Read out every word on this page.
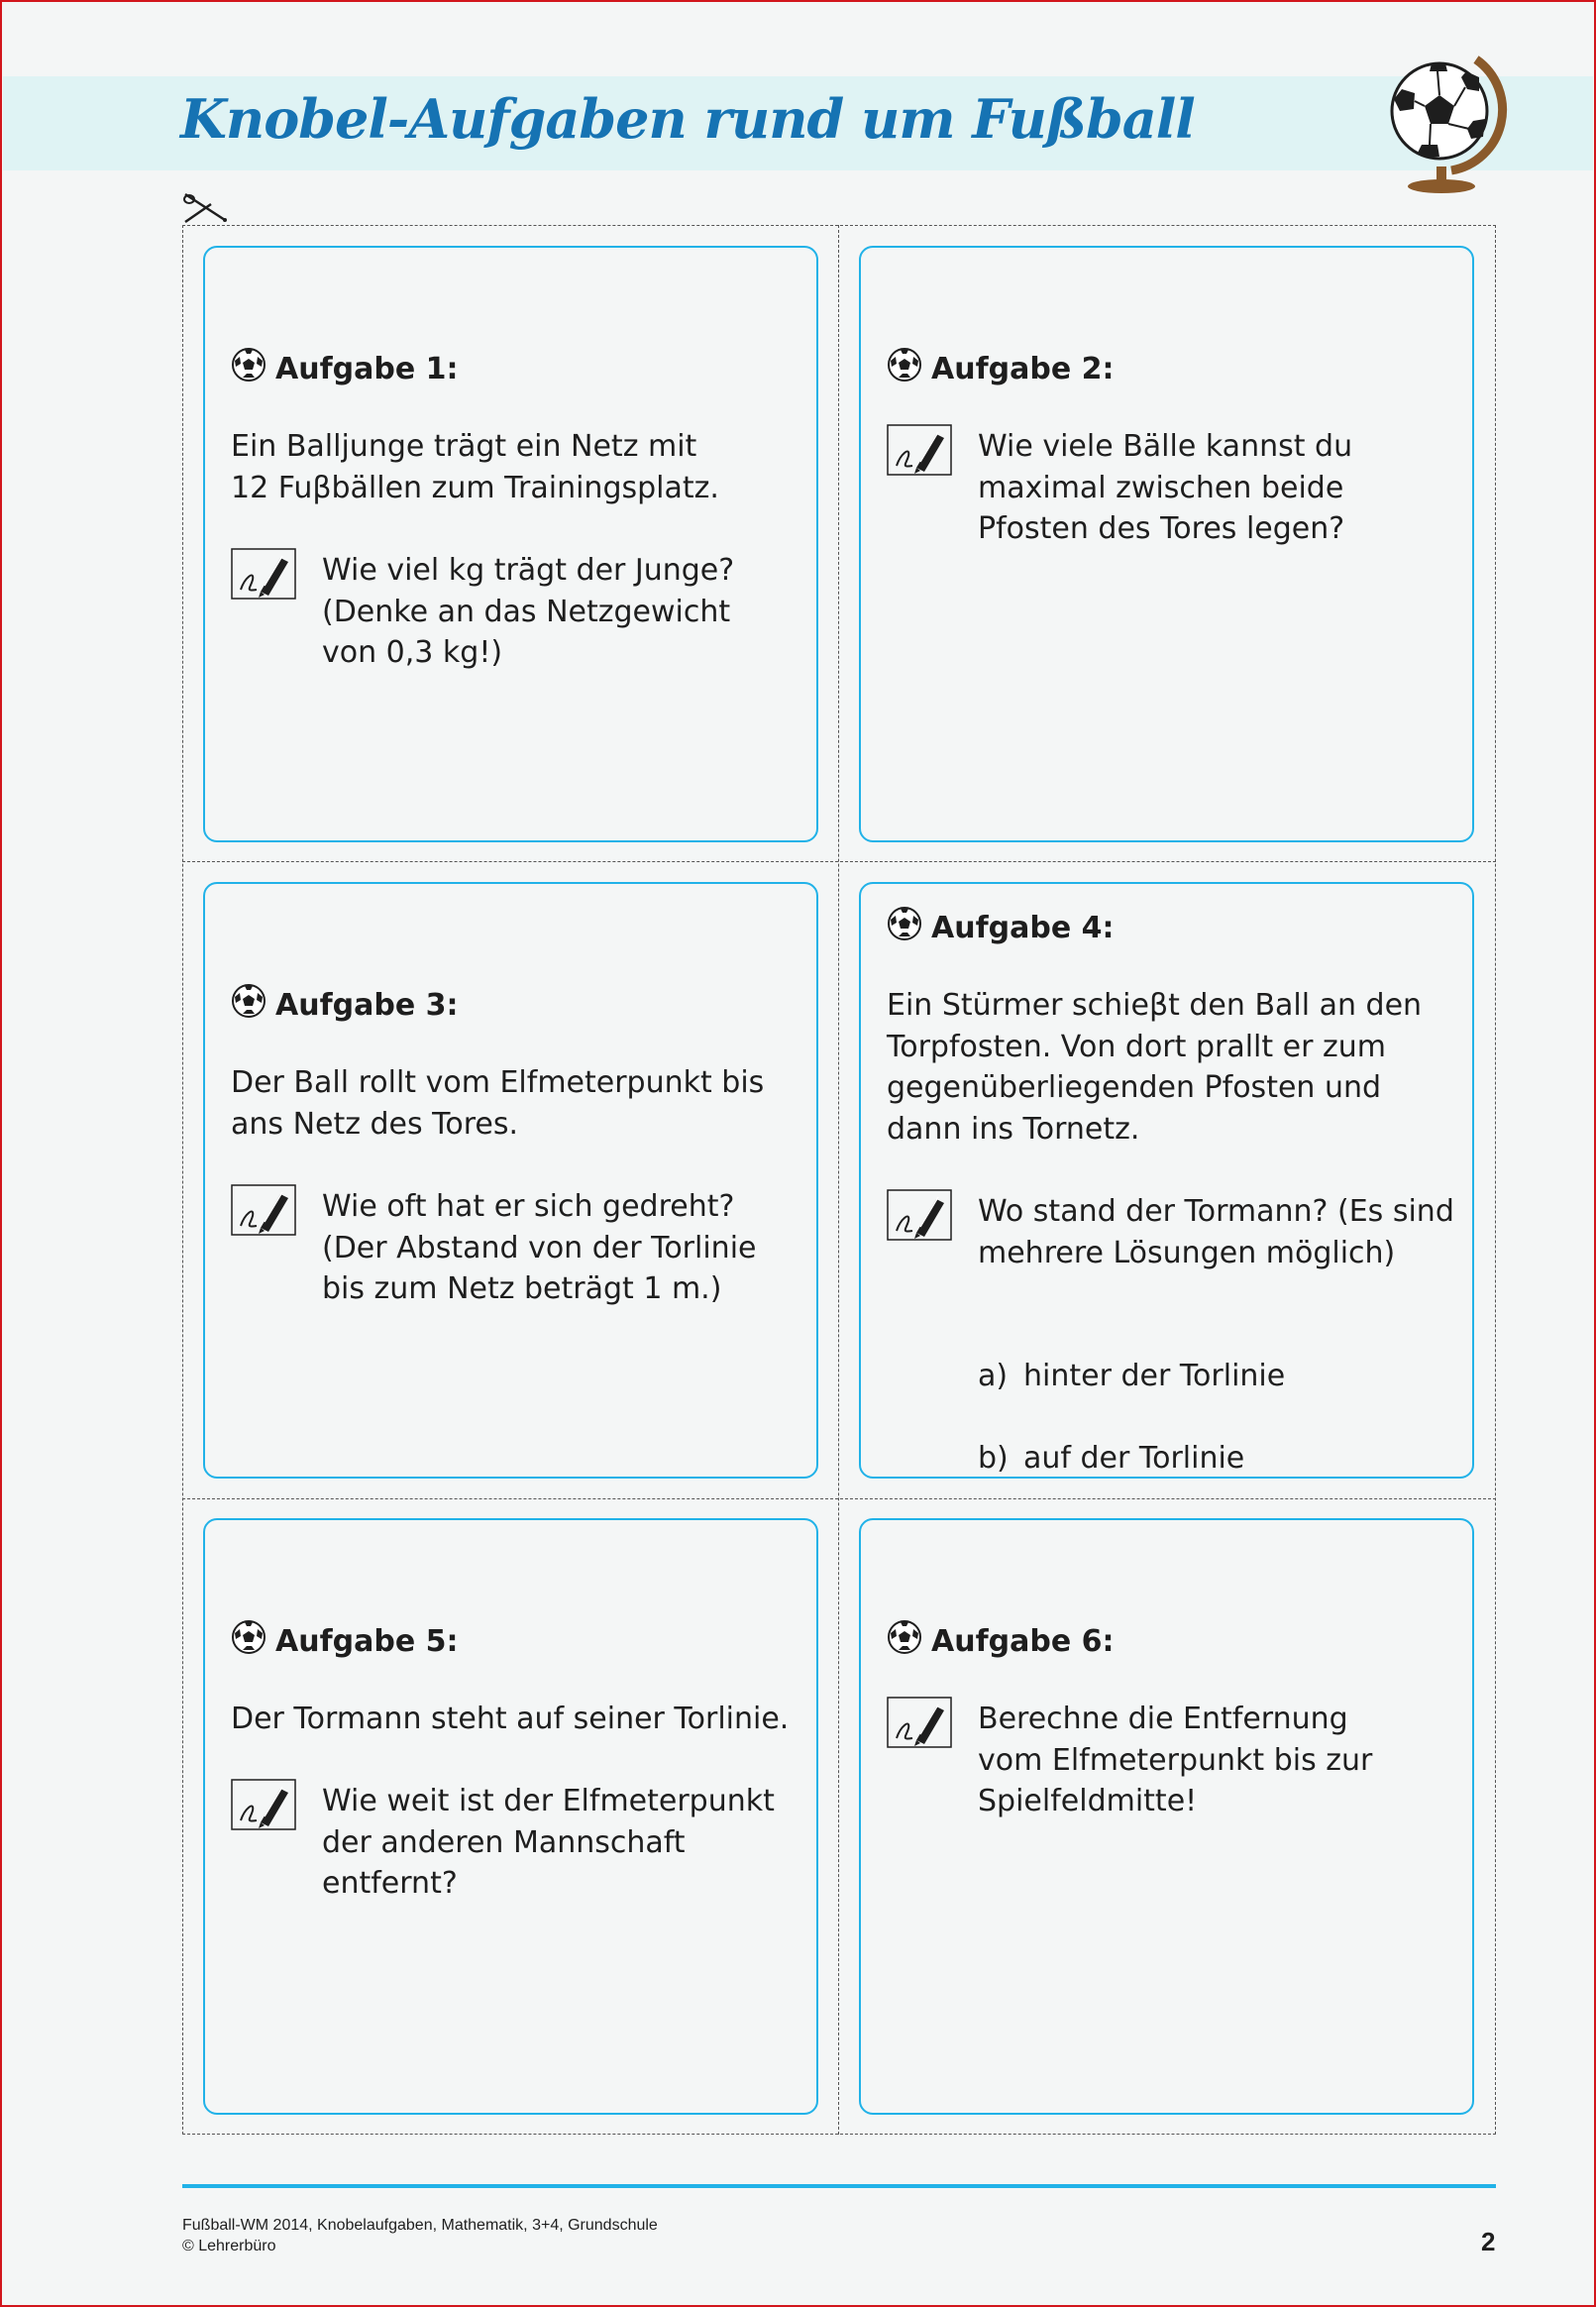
Knobel-Aufgaben rund um Fußball
Aufgabe 1:

Ein Balljunge trägt ein Netz mit
12 Fuβbällen zum Trainingsplatz.

Wie viel kg trägt der Junge?
(Denke an das Netzgewicht
von 0,3 kg!)

Aufgabe 2:

Wie viele Bälle kannst du
maximal zwischen beide
Pfosten des Tores legen?

Aufgabe 3:

Der Ball rollt vom Elfmeterpunkt bis
ans Netz des Tores.

Wie oft hat er sich gedreht?
(Der Abstand von der Torlinie
bis zum Netz beträgt 1 m.)

Aufgabe 4:

Ein Stürmer schieβt den Ball an den
Torpfosten. Von dort prallt er zum
gegenüberliegenden Pfosten und
dann ins Tornetz.

Wo stand der Tormann? (Es sind
mehrere Lösungen möglich)

a) hinter der Torlinie

b) auf der Torlinie

Aufgabe 5:

Der Tormann steht auf seiner Torlinie.

Wie weit ist der Elfmeterpunkt
der anderen Mannschaft
entfernt?

Aufgabe 6:

Berechne die Entfernung
vom Elfmeterpunkt bis zur
Spielfeldmitte!

Fußball-WM 2014, Knobelaufgaben, Mathematik, 3+4, Grundschule
© Lehrerbüro	2
